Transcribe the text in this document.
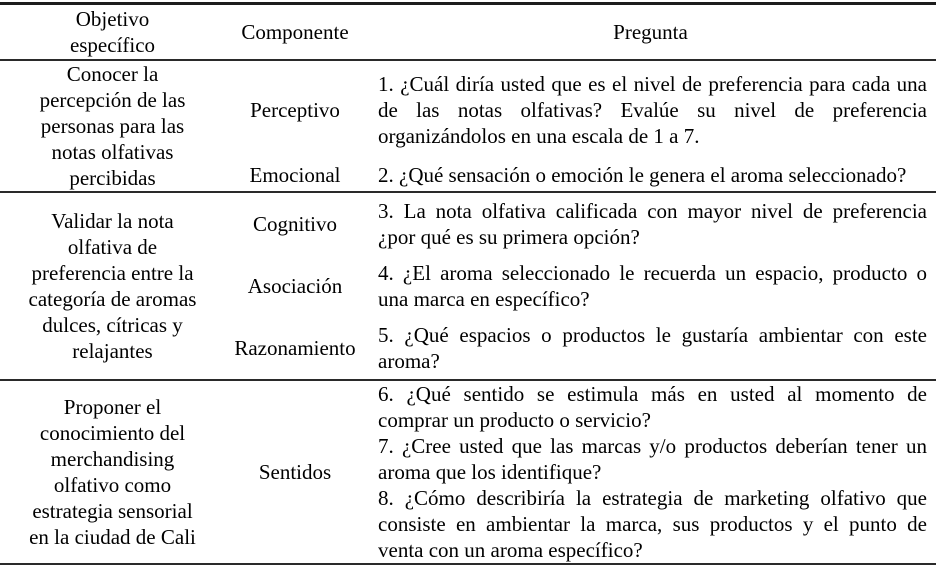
Objetivo específico	Componente	Pregunta

Conocer la percepción de las personas para las notas olfativas percibidas	Perceptivo	1. ¿Cuál diría usted que es el nivel de preferencia para cada una de las notas olfativas? Evalúe su nivel de preferencia organizándolos en una escala de 1 a 7.

	Emocional	2. ¿Qué sensación o emoción le genera el aroma seleccionado?

Validar la nota olfativa de preferencia entre la categoría de aromas dulces, cítricas y relajantes	Cognitivo	3. La nota olfativa calificada con mayor nivel de preferencia ¿por qué es su primera opción?

	Asociación	4. ¿El aroma seleccionado le recuerda un espacio, producto o una marca en específico?

	Razonamiento	5. ¿Qué espacios o productos le gustaría ambientar con este aroma?

Proponer el conocimiento del merchandising olfativo como estrategia sensorial en la ciudad de Cali	Sentidos	6. ¿Qué sentido se estimula más en usted al momento de comprar un producto o servicio?

7. ¿Cree usted que las marcas y/o productos deberían tener un aroma que los identifique?

8. ¿Cómo describiría la estrategia de marketing olfativo que consiste en ambientar la marca, sus productos y el punto de venta con un aroma específico?
